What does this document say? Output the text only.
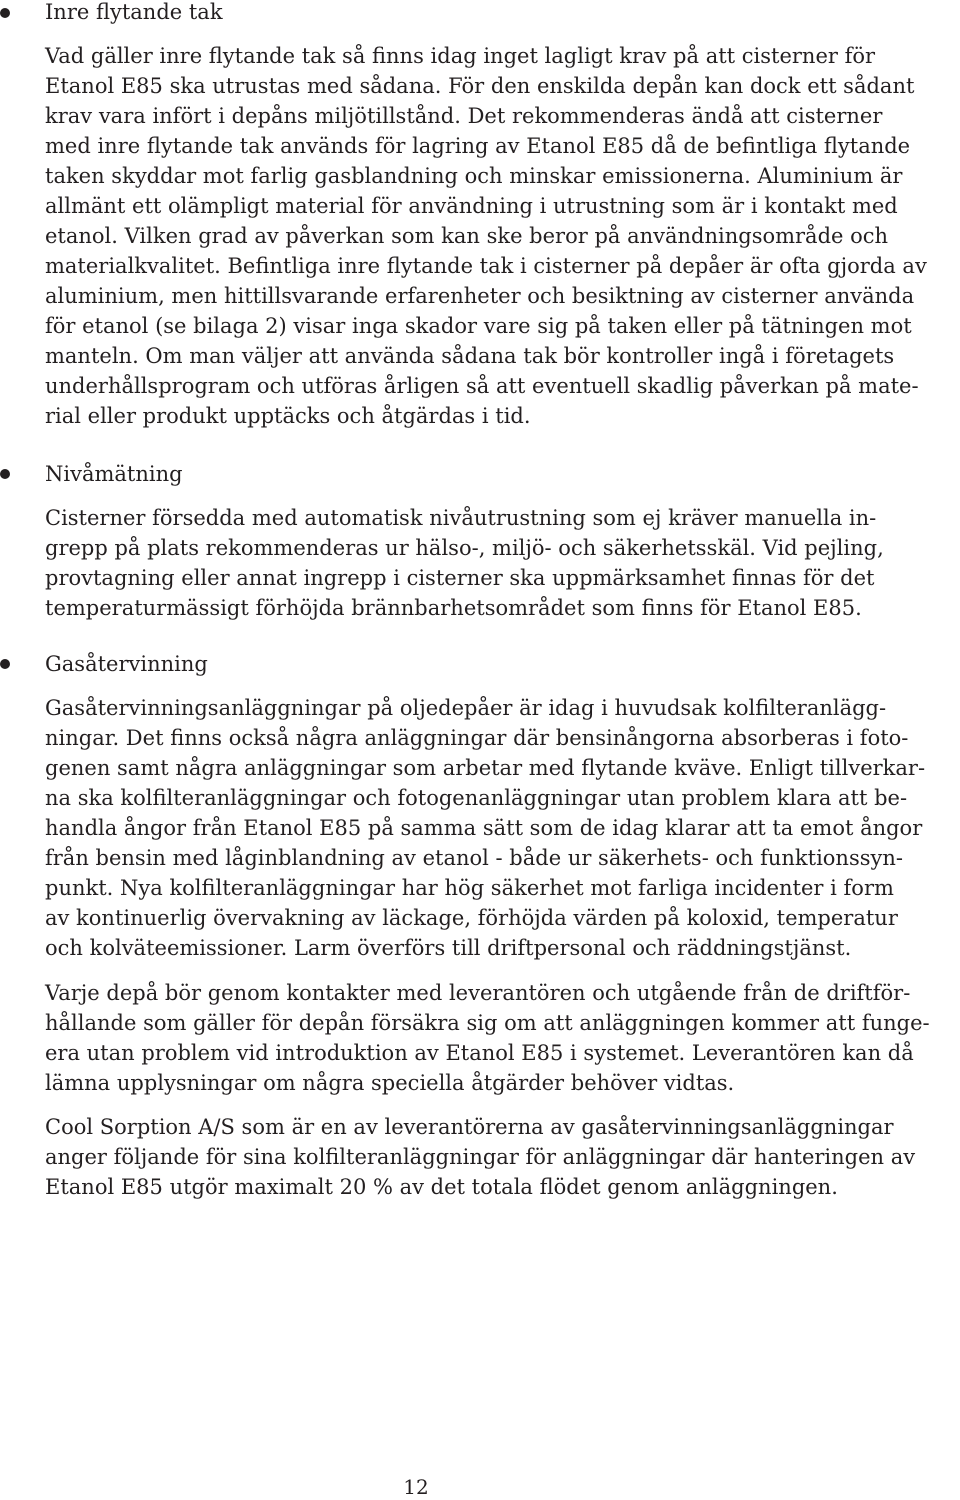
Inre flytande tak

Vad gäller inre flytande tak så finns idag inget lagligt krav på att cisterner för
Etanol E85 ska utrustas med sådana. För den enskilda depån kan dock ett sådant
krav vara infört i depåns miljötillstånd. Det rekommenderas ändå att cisterner
med inre flytande tak används för lagring av Etanol E85 då de befintliga flytande
taken skyddar mot farlig gasblandning och minskar emissionerna. Aluminium är
allmänt ett olämpligt material för användning i utrustning som är i kontakt med
etanol. Vilken grad av påverkan som kan ske beror på användningsområde och
materialkvalitet. Befintliga inre flytande tak i cisterner på depåer är ofta gjorda av
aluminium, men hittillsvarande erfarenheter och besiktning av cisterner använda
för etanol (se bilaga 2) visar inga skador vare sig på taken eller på tätningen mot
manteln. Om man väljer att använda sådana tak bör kontroller ingå i företagets
underhållsprogram och utföras årligen så att eventuell skadlig påverkan på mate-
rial eller produkt upptäcks och åtgärdas i tid.

Nivåmätning

Cisterner försedda med automatisk nivåutrustning som ej kräver manuella in-
grepp på plats rekommenderas ur hälso-, miljö- och säkerhetsskäl. Vid pejling,
provtagning eller annat ingrepp i cisterner ska uppmärksamhet finnas för det
temperaturmässigt förhöjda brännbarhetsområdet som finns för Etanol E85.

Gasåtervinning

Gasåtervinningsanläggningar på oljedepåer är idag i huvudsak kolfilteranlägg-
ningar. Det finns också några anläggningar där bensinångorna absorberas i foto-
genen samt några anläggningar som arbetar med flytande kväve. Enligt tillverkar-
na ska kolfilteranläggningar och fotogenanläggningar utan problem klara att be-
handla ångor från Etanol E85 på samma sätt som de idag klarar att ta emot ångor
från bensin med låginblandning av etanol - både ur säkerhets- och funktionssyn-
punkt. Nya kolfilteranläggningar har hög säkerhet mot farliga incidenter i form
av kontinuerlig övervakning av läckage, förhöjda värden på koloxid, temperatur
och kolväteemissioner. Larm överförs till driftpersonal och räddningstjänst.

Varje depå bör genom kontakter med leverantören och utgående från de driftför-
hållande som gäller för depån försäkra sig om att anläggningen kommer att funge-
era utan problem vid introduktion av Etanol E85 i systemet. Leverantören kan då
lämna upplysningar om några speciella åtgärder behöver vidtas.

Cool Sorption A/S som är en av leverantörerna av gasåtervinningsanläggningar
anger följande för sina kolfilteranläggningar för anläggningar där hanteringen av
Etanol E85 utgör maximalt 20 % av det totala flödet genom anläggningen.

12
